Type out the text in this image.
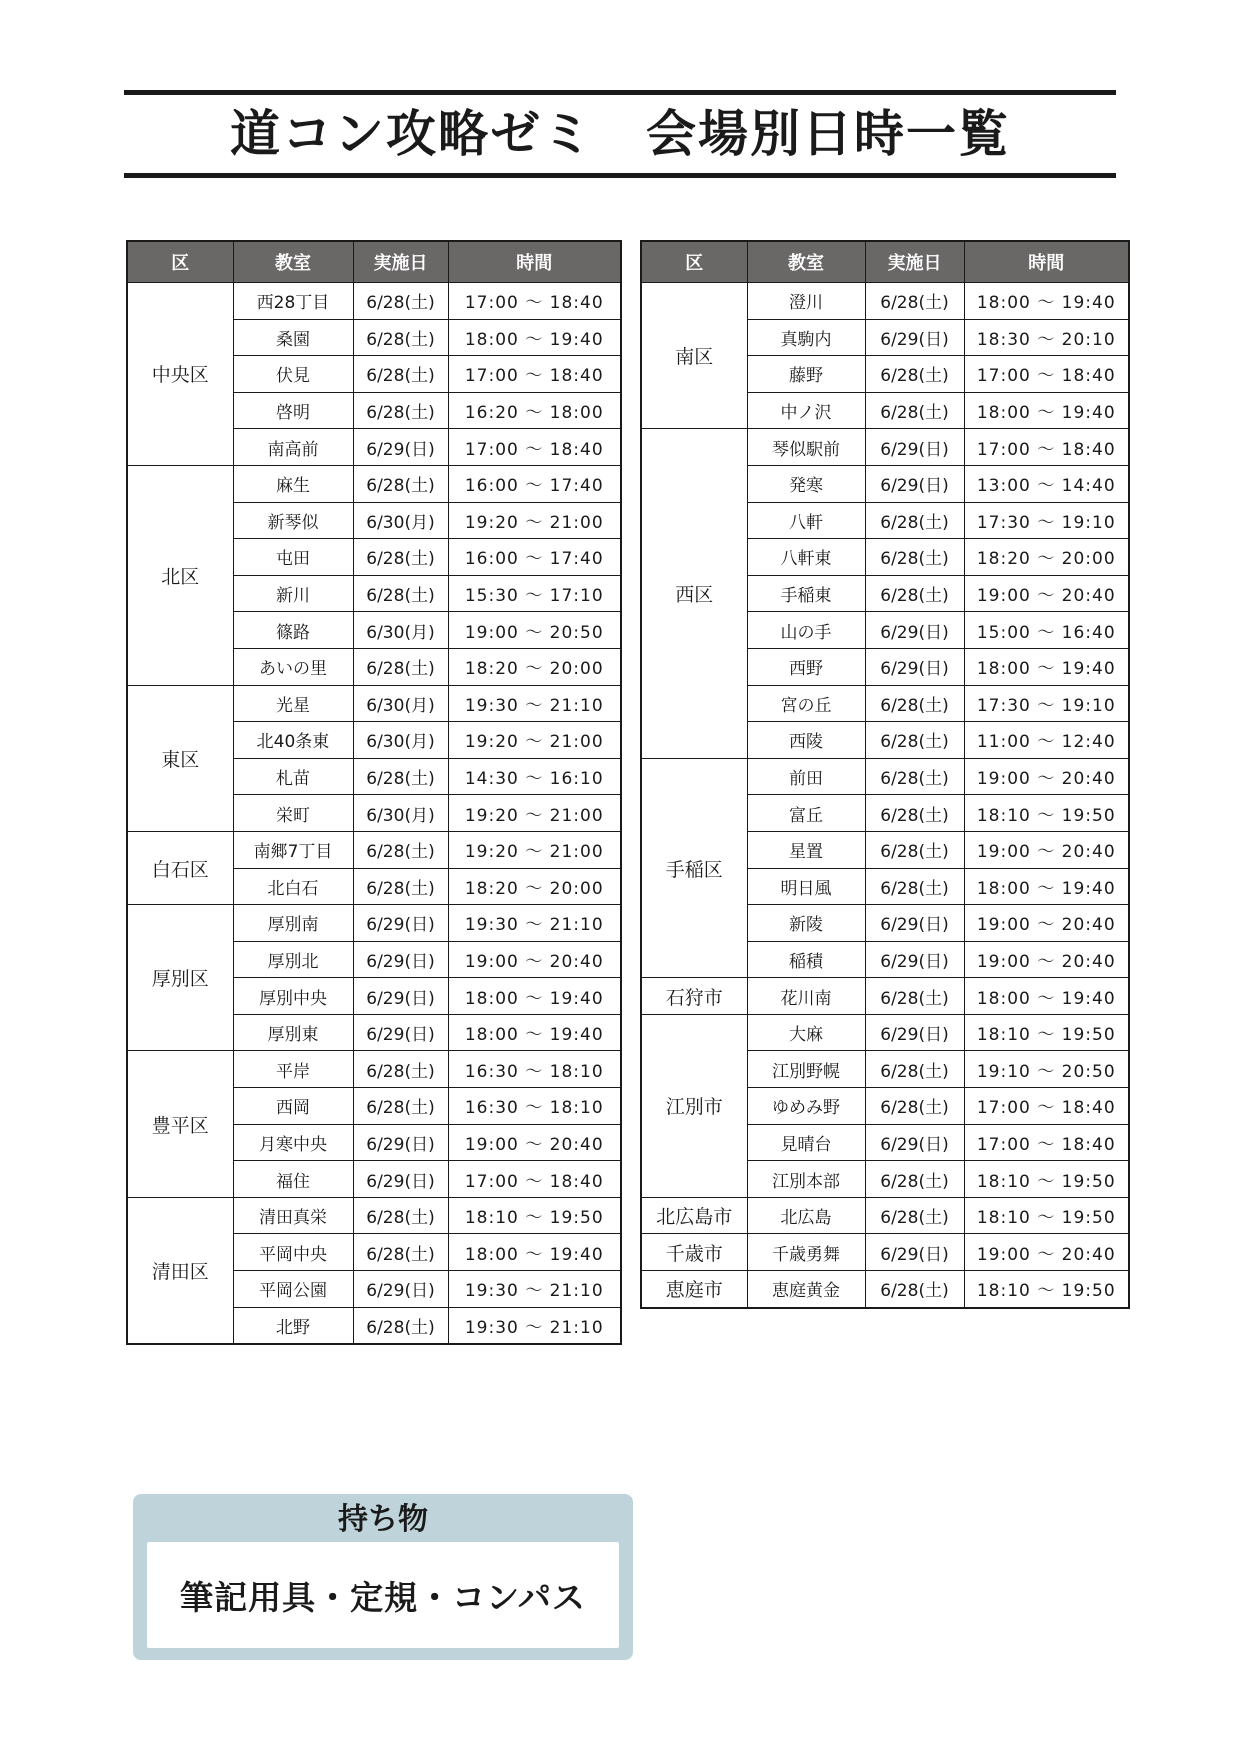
道コン攻略ゼミ　会場別日時一覧
区	教室	実施日	時間
中央区	西28丁目	6/28(土)	17:00 ～ 18:40
	桑園	6/28(土)	18:00 ～ 19:40
	伏見	6/28(土)	17:00 ～ 18:40
	啓明	6/28(土)	16:20 ～ 18:00
	南高前	6/29(日)	17:00 ～ 18:40
北区	麻生	6/28(土)	16:00 ～ 17:40
	新琴似	6/30(月)	19:20 ～ 21:00
	屯田	6/28(土)	16:00 ～ 17:40
	新川	6/28(土)	15:30 ～ 17:10
	篠路	6/30(月)	19:00 ～ 20:50
	あいの里	6/28(土)	18:20 ～ 20:00
東区	光星	6/30(月)	19:30 ～ 21:10
	北40条東	6/30(月)	19:20 ～ 21:00
	札苗	6/28(土)	14:30 ～ 16:10
	栄町	6/30(月)	19:20 ～ 21:00
白石区	南郷7丁目	6/28(土)	19:20 ～ 21:00
	北白石	6/28(土)	18:20 ～ 20:00
厚別区	厚別南	6/29(日)	19:30 ～ 21:10
	厚別北	6/29(日)	19:00 ～ 20:40
	厚別中央	6/29(日)	18:00 ～ 19:40
	厚別東	6/29(日)	18:00 ～ 19:40
豊平区	平岸	6/28(土)	16:30 ～ 18:10
	西岡	6/28(土)	16:30 ～ 18:10
	月寒中央	6/29(日)	19:00 ～ 20:40
	福住	6/29(日)	17:00 ～ 18:40
清田区	清田真栄	6/28(土)	18:10 ～ 19:50
	平岡中央	6/28(土)	18:00 ～ 19:40
	平岡公園	6/29(日)	19:30 ～ 21:10
	北野	6/28(土)	19:30 ～ 21:10
区	教室	実施日	時間
南区	澄川	6/28(土)	18:00 ～ 19:40
	真駒内	6/29(日)	18:30 ～ 20:10
	藤野	6/28(土)	17:00 ～ 18:40
	中ノ沢	6/28(土)	18:00 ～ 19:40
西区	琴似駅前	6/29(日)	17:00 ～ 18:40
	発寒	6/29(日)	13:00 ～ 14:40
	八軒	6/28(土)	17:30 ～ 19:10
	八軒東	6/28(土)	18:20 ～ 20:00
	手稲東	6/28(土)	19:00 ～ 20:40
	山の手	6/29(日)	15:00 ～ 16:40
	西野	6/29(日)	18:00 ～ 19:40
	宮の丘	6/28(土)	17:30 ～ 19:10
	西陵	6/28(土)	11:00 ～ 12:40
手稲区	前田	6/28(土)	19:00 ～ 20:40
	富丘	6/28(土)	18:10 ～ 19:50
	星置	6/28(土)	19:00 ～ 20:40
	明日風	6/28(土)	18:00 ～ 19:40
	新陵	6/29(日)	19:00 ～ 20:40
	稲積	6/29(日)	19:00 ～ 20:40
石狩市	花川南	6/28(土)	18:00 ～ 19:40
江別市	大麻	6/29(日)	18:10 ～ 19:50
	江別野幌	6/28(土)	19:10 ～ 20:50
	ゆめみ野	6/28(土)	17:00 ～ 18:40
	見晴台	6/29(日)	17:00 ～ 18:40
	江別本部	6/28(土)	18:10 ～ 19:50
北広島市	北広島	6/28(土)	18:10 ～ 19:50
千歳市	千歳勇舞	6/29(日)	19:00 ～ 20:40
恵庭市	恵庭黄金	6/28(土)	18:10 ～ 19:50
持ち物
筆記用具・定規・コンパス
